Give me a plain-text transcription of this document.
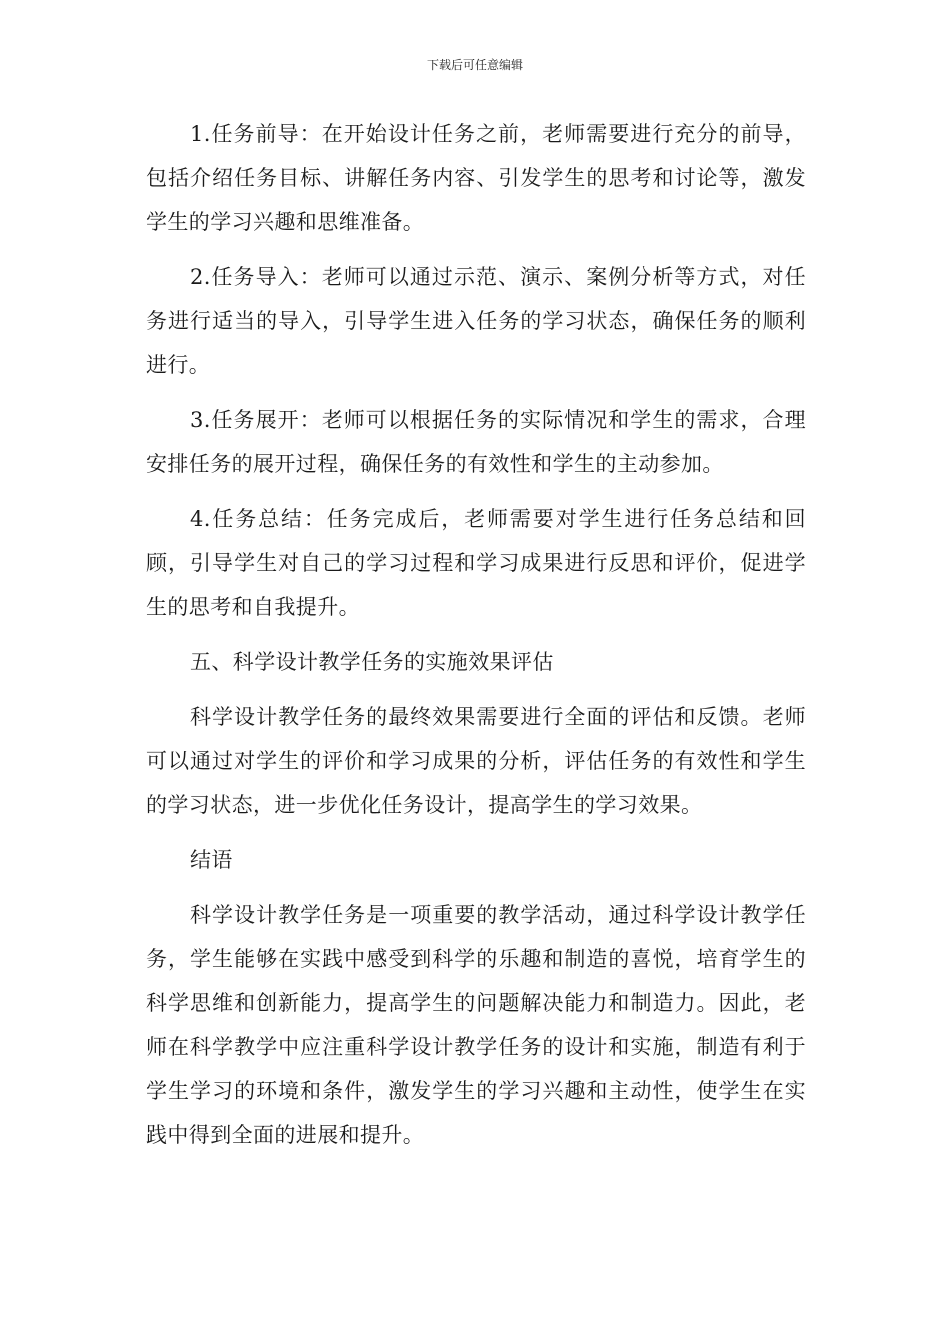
下载后可任意编辑

1.任务前导：在开始设计任务之前，老师需要进行充分的前导，包括介绍任务目标、讲解任务内容、引发学生的思考和讨论等，激发学生的学习兴趣和思维准备。

2.任务导入：老师可以通过示范、演示、案例分析等方式，对任务进行适当的导入，引导学生进入任务的学习状态，确保任务的顺利进行。

3.任务展开：老师可以根据任务的实际情况和学生的需求，合理安排任务的展开过程，确保任务的有效性和学生的主动参加。

4.任务总结：任务完成后，老师需要对学生进行任务总结和回顾，引导学生对自己的学习过程和学习成果进行反思和评价，促进学生的思考和自我提升。

五、科学设计教学任务的实施效果评估

科学设计教学任务的最终效果需要进行全面的评估和反馈。老师可以通过对学生的评价和学习成果的分析，评估任务的有效性和学生的学习状态，进一步优化任务设计，提高学生的学习效果。

结语

科学设计教学任务是一项重要的教学活动，通过科学设计教学任务，学生能够在实践中感受到科学的乐趣和制造的喜悦，培育学生的科学思维和创新能力，提高学生的问题解决能力和制造力。因此，老师在科学教学中应注重科学设计教学任务的设计和实施，制造有利于学生学习的环境和条件，激发学生的学习兴趣和主动性，使学生在实践中得到全面的进展和提升。
